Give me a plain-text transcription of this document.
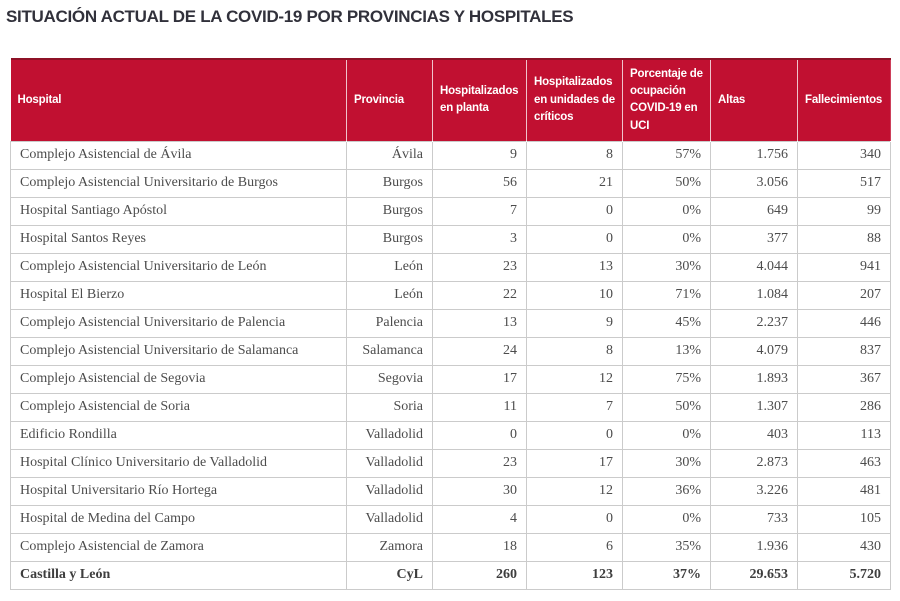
SITUACIÓN ACTUAL DE LA COVID-19 POR PROVINCIAS Y HOSPITALES
Hospital	Provincia	Hospitalizados en planta	Hospitalizados en unidades de críticos	Porcentaje de ocupación COVID-19 en UCI	Altas	Fallecimientos
Complejo Asistencial de Ávila	Ávila	9	8	57%	1.756	340
Complejo Asistencial Universitario de Burgos	Burgos	56	21	50%	3.056	517
Hospital Santiago Apóstol	Burgos	7	0	0%	649	99
Hospital Santos Reyes	Burgos	3	0	0%	377	88
Complejo Asistencial Universitario de León	León	23	13	30%	4.044	941
Hospital El Bierzo	León	22	10	71%	1.084	207
Complejo Asistencial Universitario de Palencia	Palencia	13	9	45%	2.237	446
Complejo Asistencial Universitario de Salamanca	Salamanca	24	8	13%	4.079	837
Complejo Asistencial de Segovia	Segovia	17	12	75%	1.893	367
Complejo Asistencial de Soria	Soria	11	7	50%	1.307	286
Edificio Rondilla	Valladolid	0	0	0%	403	113
Hospital Clínico Universitario de Valladolid	Valladolid	23	17	30%	2.873	463
Hospital Universitario Río Hortega	Valladolid	30	12	36%	3.226	481
Hospital de Medina del Campo	Valladolid	4	0	0%	733	105
Complejo Asistencial de Zamora	Zamora	18	6	35%	1.936	430
Castilla y León	CyL	260	123	37%	29.653	5.720
